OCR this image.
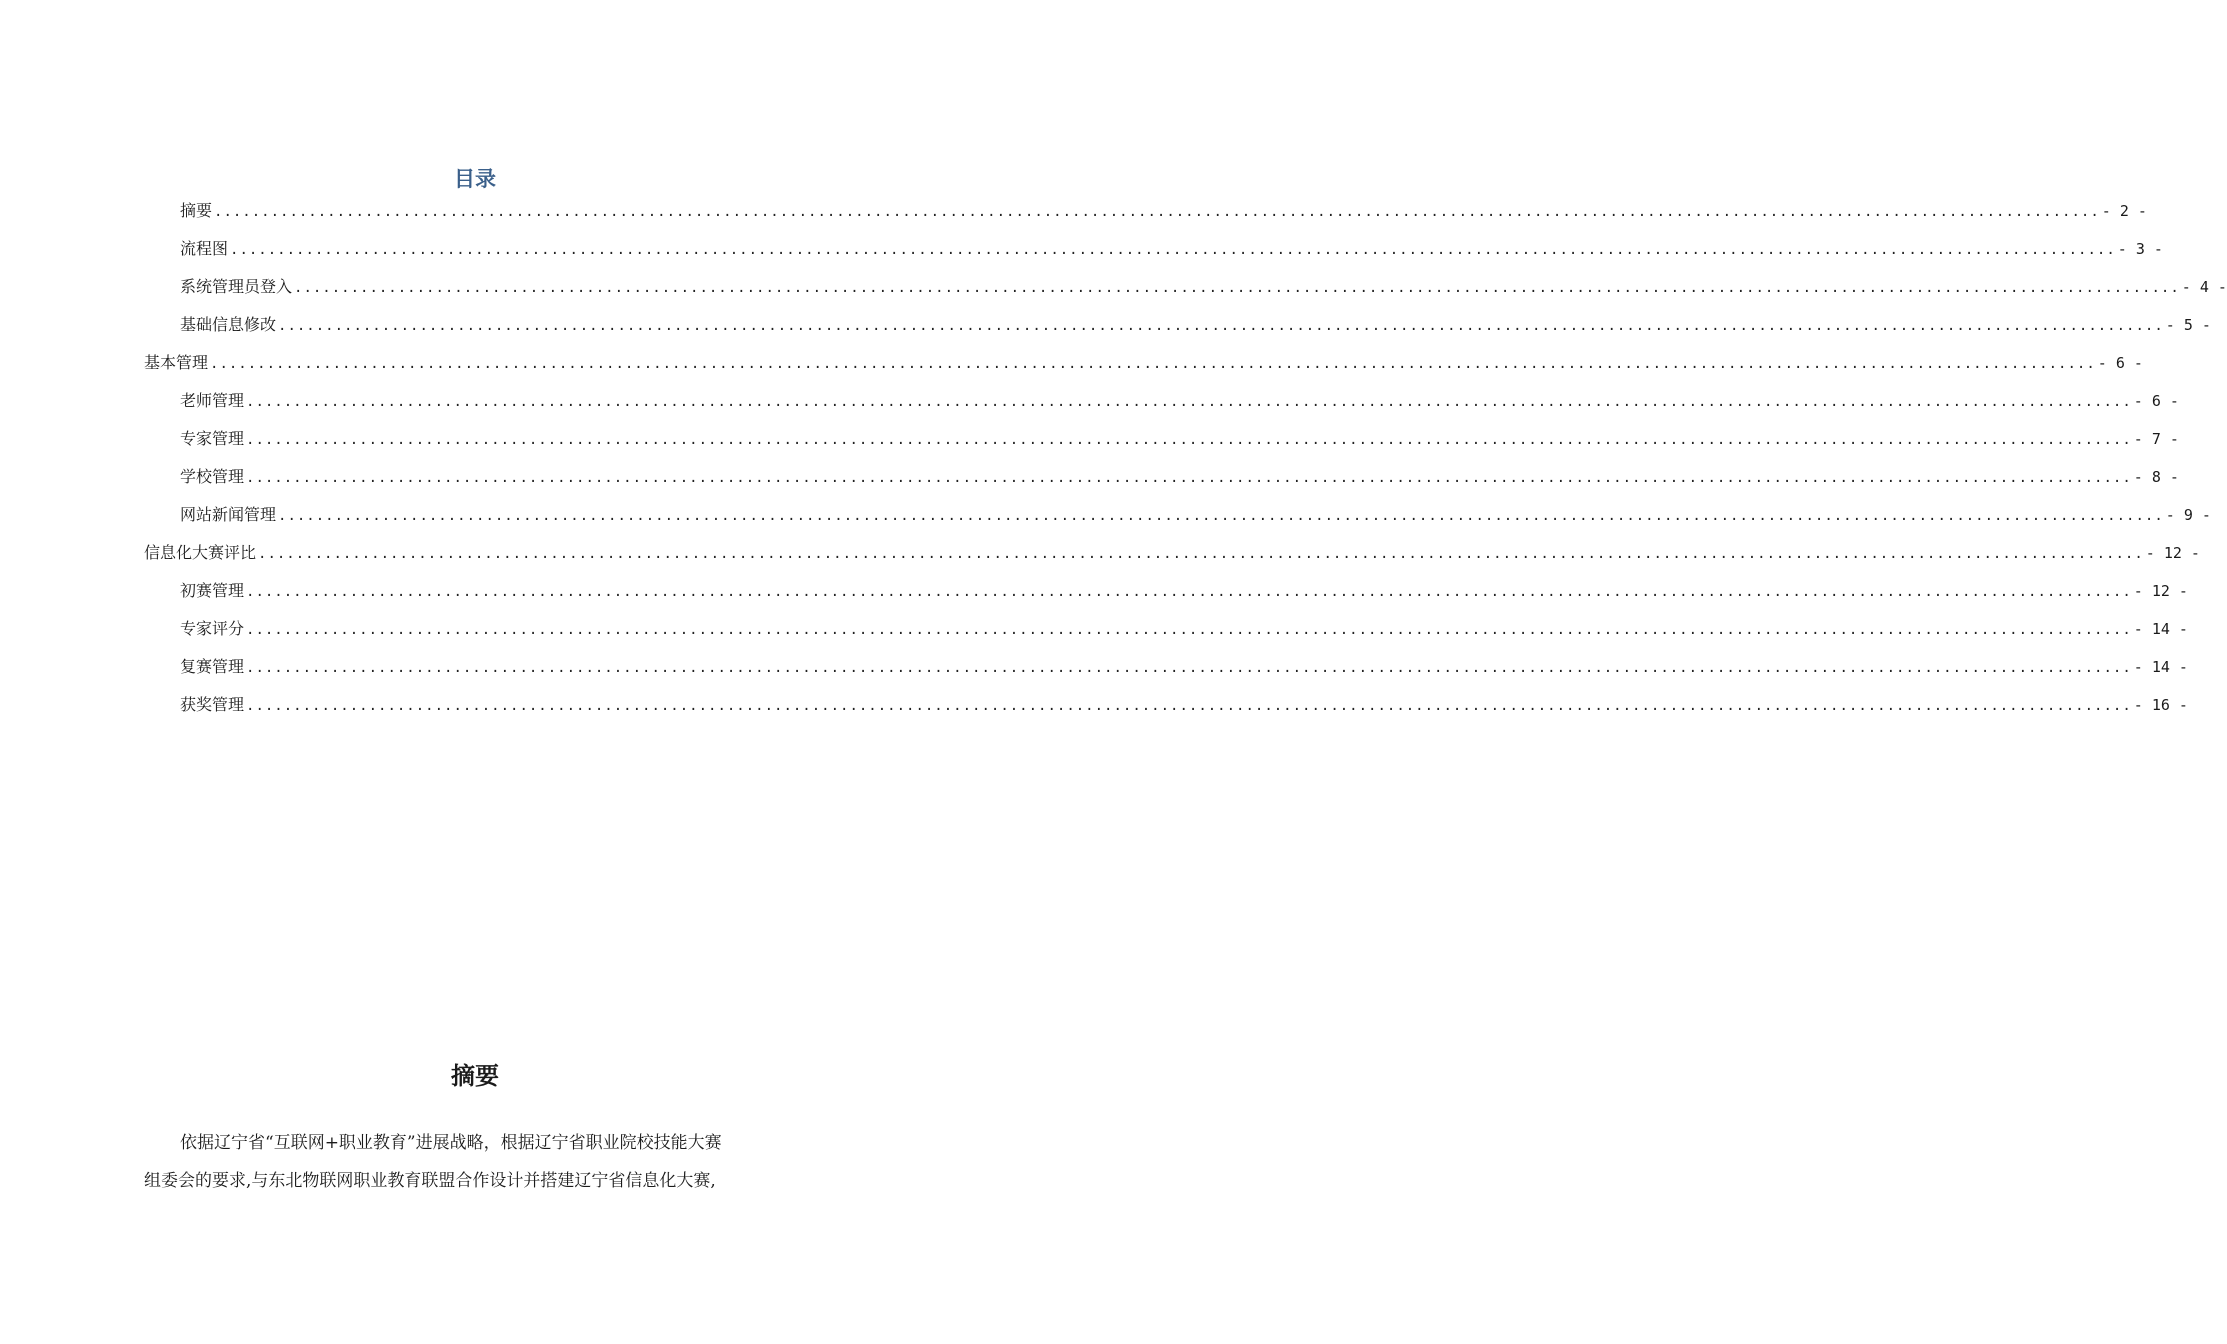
目录
摘要 ........................................................................................................................................................................................................ - 2 -
流程图 ........................................................................................................................................................................................................ - 3 -
系统管理员登入 ........................................................................................................................................................................................................ - 4 -
基础信息修改 ........................................................................................................................................................................................................ - 5 -
基本管理 ........................................................................................................................................................................................................ - 6 -
老师管理 ........................................................................................................................................................................................................ - 6 -
专家管理 ........................................................................................................................................................................................................ - 7 -
学校管理 ........................................................................................................................................................................................................ - 8 -
网站新闻管理 ........................................................................................................................................................................................................ - 9 -
信息化大赛评比 ........................................................................................................................................................................................................ - 12 -
初赛管理 ........................................................................................................................................................................................................ - 12 -
专家评分 ........................................................................................................................................................................................................ - 14 -
复赛管理 ........................................................................................................................................................................................................ - 14 -
获奖管理 ........................................................................................................................................................................................................ - 16 -
摘要
依据辽宁省“互联网+职业教育”进展战略，根据辽宁省职业院校技能大赛
组委会的要求,与东北物联网职业教育联盟合作设计并搭建辽宁省信息化大赛,
